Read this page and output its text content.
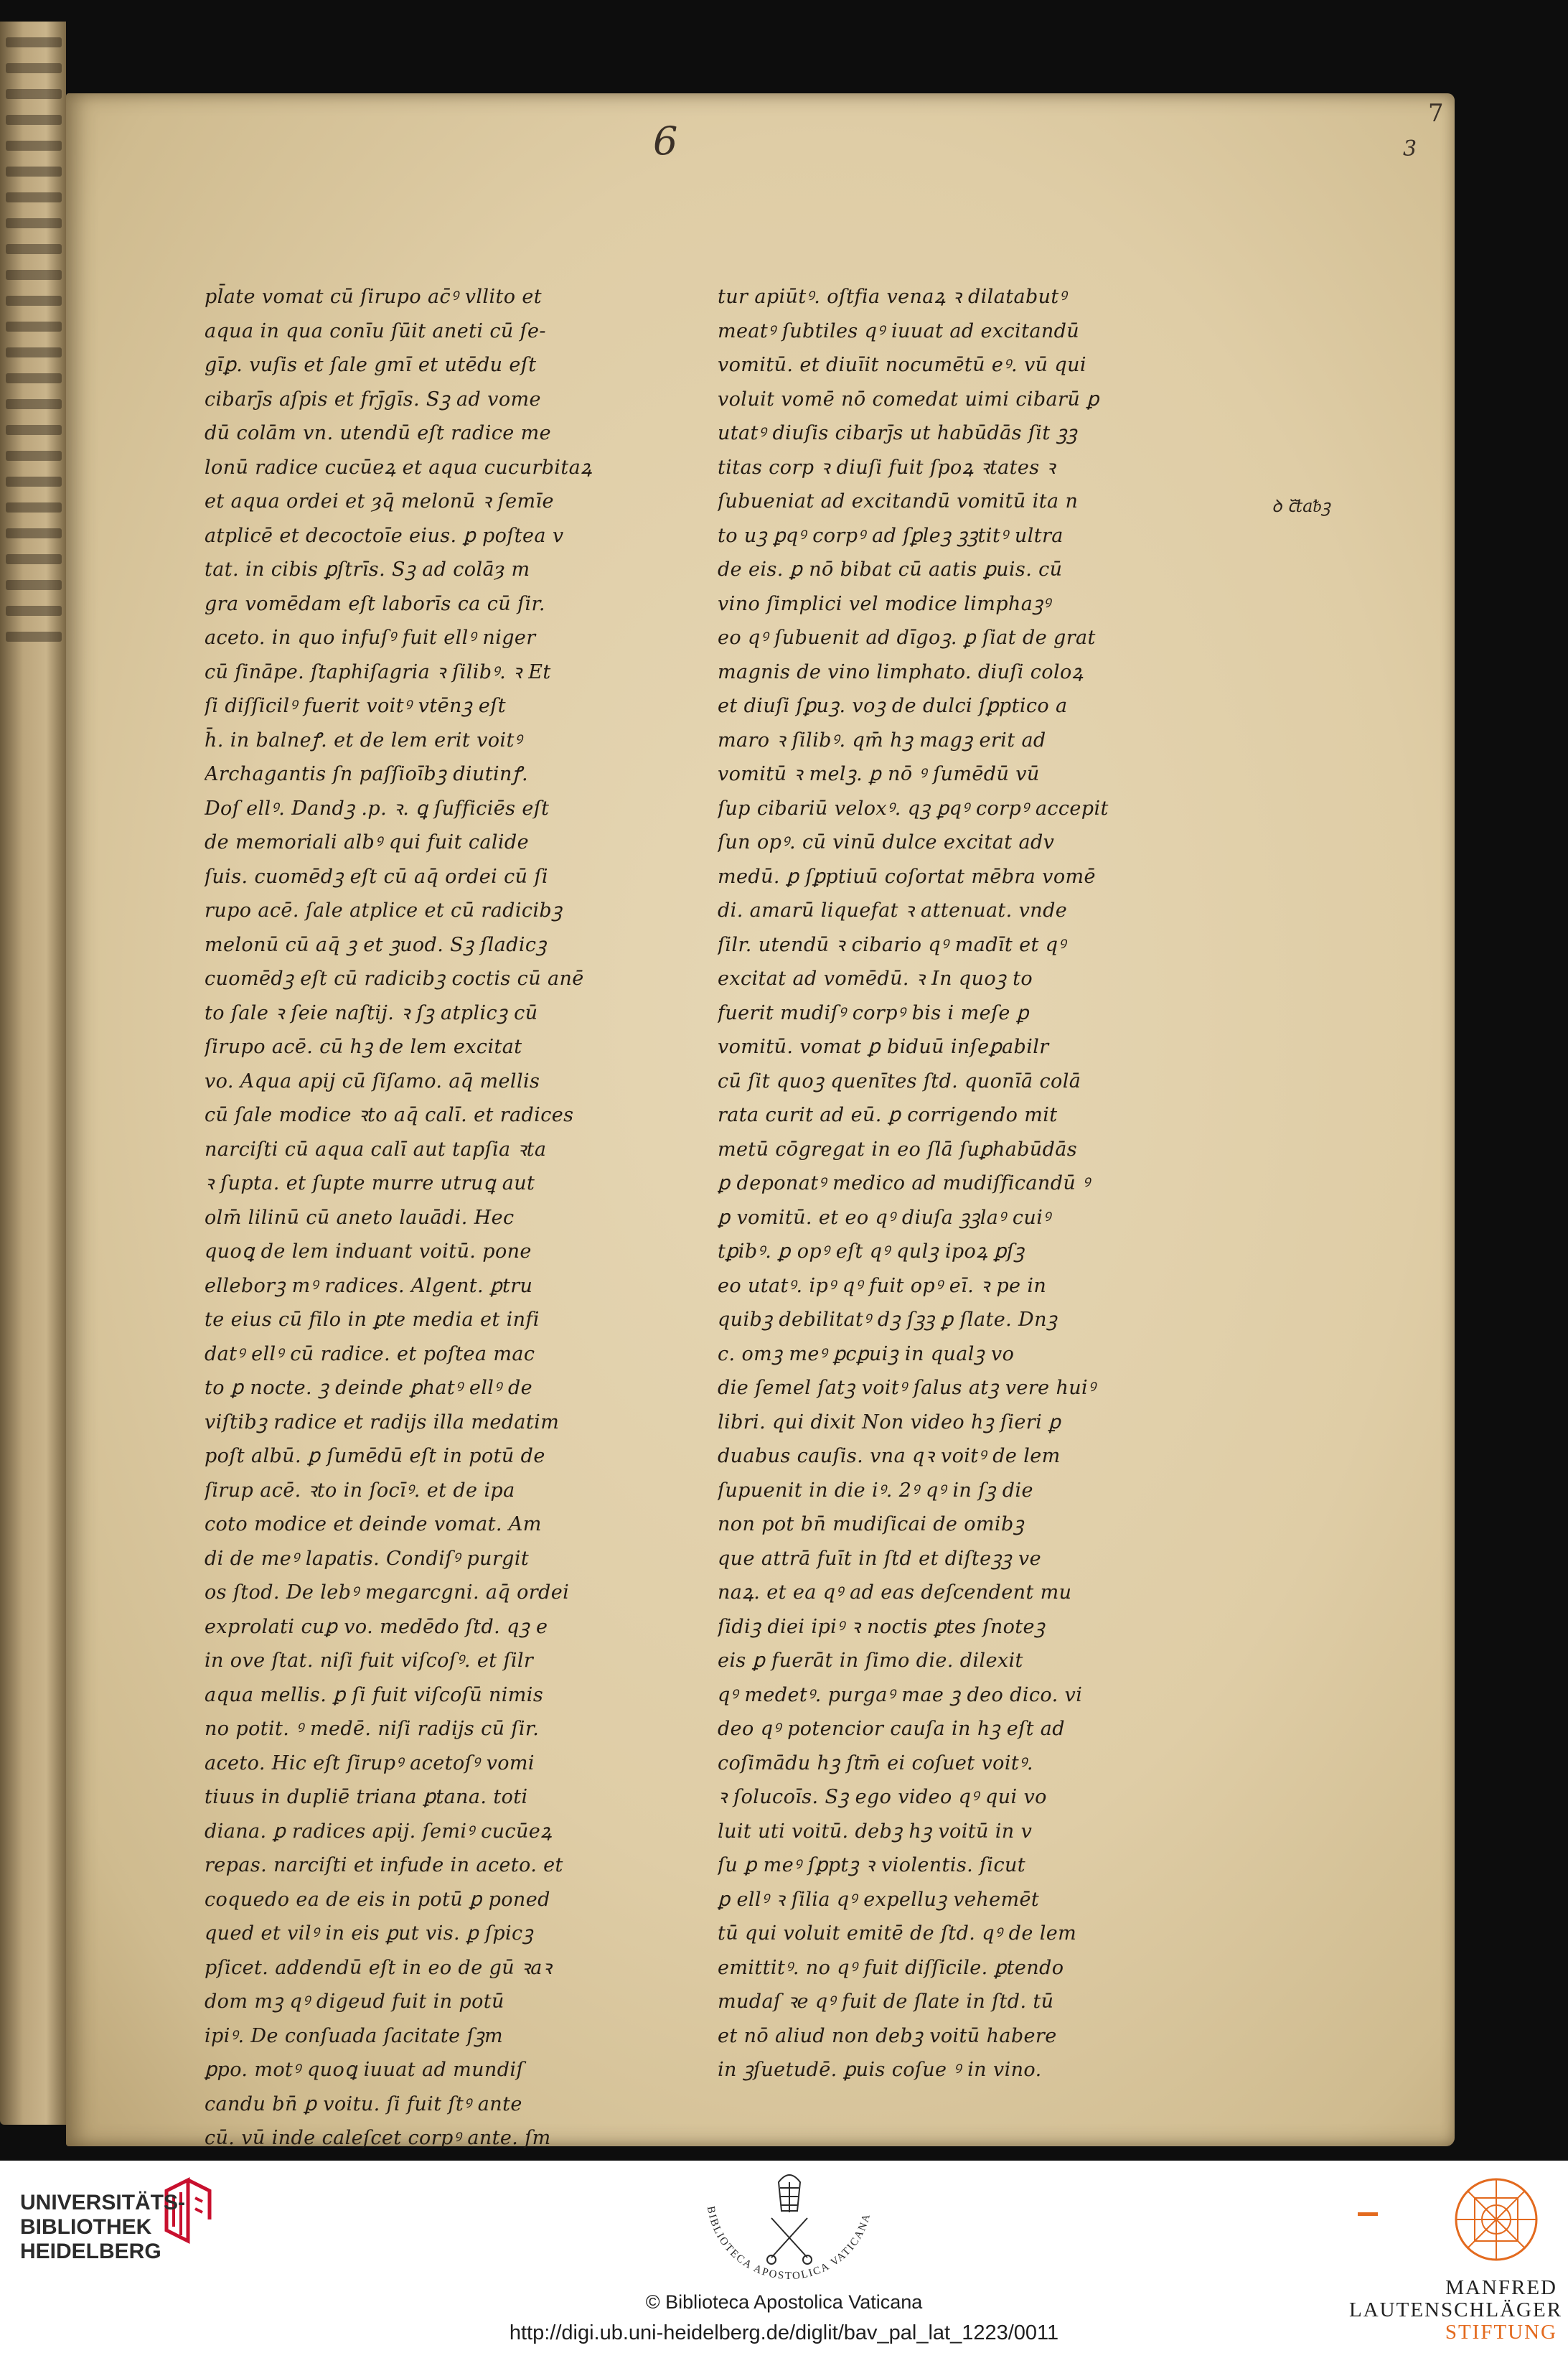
6
7
3
pl̄ate vomat cū ſirupo ac̄ꝰ vllito et
aqua in qua conīu ſūit aneti cū ſe-
gīꝑ. vuſis et ſale gmī et utēdu eſt
cibarȷ̄s aſpis et frȷ̄gīs. Sꝫ ad vome
dū colām vn. utendū eſt radice me
lonū radice cucūeꝝ et aqua cucurbitaꝝ
et aqua ordei et ȝq̄ melonū ꝛ ſemīe
atplicē et decoctoīe eius. ꝑ poſtea v
tat. in cibis ꝑſtrīs. Sꝫ ad colāȝ m
gra vomēdam eſt laborīs ca cū ſir.
aceto. in quo infuſꝰ fuit ellꝰ niger
cū ſināpe. ſtaphiſagria ꝛ ſilibꝰ. ꝛ Et
ſi diſſicilꝰ fuerit voitꝰ vtēnꝫ eſt
h̄. in balneꝭ. et de lem erit voitꝰ
Archagantis ſn paſſioībꝫ diutinꝭ.
Doſ ellꝰ. Dandꝫ .p. ꝛ. ꝗ ſufficiēs eſt
de memoriali albꝰ qui fuit calide
ſuis. cuomēdꝫ eſt cū aq̄ ordei cū ſi
rupo acē. ſale atplice et cū radicibꝫ
melonū cū aq̄ ꝫ et ꝫuod. Sꝫ ſladicꝫ
cuomēdꝫ eſt cū radicibꝫ coctis cū anē
to ſale ꝛ ſeie naſtij. ꝛ ſꝫ atplicꝫ cū
ſirupo acē. cū hꝫ de lem excitat
vo. Aqua apij cū ſiſamo. aq̄ mellis
cū ſale modice ꝛto aq̄ calī. et radices
narciſti cū aqua calī aut tapſia ꝛta
ꝛ ſupta. et ſupte murre utruꝗ aut
olm̄ lilinū cū aneto lauādi. Hec
quoꝗ de lem induant voitū. pone
elleborꝫ mꝰ radices. Algent. ꝑtru
te eius cū filo in ꝑte media et infi
datꝰ ellꝰ cū radice. et poſtea mac
to ꝑ nocte. ꝫ deinde ꝑhatꝰ ellꝰ de
viſtibꝫ radice et radijs illa medatim
poſt albū. ꝑ ſumēdū eſt in potū de
ſirup acē. ꝛto in ſocīꝰ. et de ipa
coto modice et deinde vomat. Am
di de meꝰ lapatis. Condiſꝰ purgit
os ſtod. De lebꝰ megarcgni. aq̄ ordei
exprolati cuꝑ vo. medēdo ſtd. qꝫ e
in ove ſtat. niſi fuit viſcoſꝰ. et ſilr
aqua mellis. ꝑ ſi fuit viſcoſū nimis
no potit. ꝰ medē. niſi radijs cū ſir.
aceto. Hic eſt ſirupꝰ acetoſꝰ vomi
tiuus in dupliē triana ꝑtana. toti
diana. ꝑ radices apij. ſemiꝰ cucūeꝝ
repas. narciſti et infude in aceto. et
coquedo ea de eis in potū ꝑ poned
qued et vilꝰ in eis ꝑut vis. ꝑ ſpicꝫ
pſicet. addendū eſt in eo de gū ꝛaꝛ
dom mꝫ qꝰ digeud fuit in potū
ipiꝰ. De conſuada ſacitate ſꝫm
ꝑpo. motꝰ quoꝗ iuuat ad mundiſ
candu bn̄ ꝑ voitu. ſi fuit ſtꝰ ante
cū. vū inde caleſcet corpꝰ ante. ſm
tur apiūtꝰ. oſtfia venaꝝ ꝛ dilatabutꝰ
meatꝰ ſubtiles qꝰ iuuat ad excitandū
vomitū. et diuīit nocumētū eꝰ. vū qui
voluit vomē nō comedat uimi cibarū ꝑ
utatꝰ diuſis cibarȷ̄s ut habūdās ſit ꝫꝫ
titas corp ꝛ diuſi fuit ſpoꝝ ꝛtates ꝛ
ſubueniat ad excitandū vomitū ita n
to uꝫ ꝑqꝰ corpꝰ ad ſꝑleꝫ ꝫꝫtitꝰ ultra
de eis. ꝑ nō bibat cū aatis ꝑuis. cū
vino ſimplici vel modice limphaꝫꝰ
eo qꝰ ſubuenit ad dīgoꝫ. ꝑ ſiat de grat
magnis de vino limphato. diuſi coloꝝ
et diuſi ſꝑuꝫ. voꝫ de dulci ſꝑptico a
maro ꝛ ſilibꝰ. qm̄ hꝫ magꝫ erit ad
vomitū ꝛ melꝫ. ꝑ nō ꝰ ſumēdū vū
ſup cibariū veloxꝰ. qꝫ ꝑqꝰ corpꝰ accepit
ſun opꝰ. cū vinū dulce excitat adv
medū. ꝑ ſꝑptiuū coſortat mēbra vomē
di. amarū liquefat ꝛ attenuat. vnde
ſilr. utendū ꝛ cibario qꝰ madīt et qꝰ
excitat ad vomēdū. ꝛ In quoꝫ to
fuerit mudiſꝰ corpꝰ bis i meſe ꝑ
vomitū. vomat ꝑ biduū inſeꝑabilr
cū ſit quoꝫ quenītes ſtd. quonīā colā
rata curit ad eū. ꝑ corrigendo mit
metū cōgregat in eo ſlā ſuꝑhabūdās
ꝑ deponatꝰ medico ad mudiſficandū ꝰ
ꝑ vomitū. et eo qꝰ diuſa ꝫꝫlaꝰ cuiꝰ
tꝑibꝰ. ꝑ opꝰ eſt qꝰ qulꝫ ipoꝝ ꝑſꝫ
eo utatꝰ. ipꝰ qꝰ fuit opꝰ eī. ꝛ pe in
quibꝫ debilitatꝰ dꝫ ſꝫꝫ ꝑ ſlate. Dnꝫ
c. omꝫ meꝰ ꝑcꝑuiꝫ in qualꝫ vo
die ſemel ſatꝫ voitꝰ ſalus atꝫ vere huiꝰ
libri. qui dixit Non video hꝫ ſieri ꝑ
duabus cauſis. vna qꝛ voitꝰ de lem
ſupuenit in die iꝰ. 2ꝰ qꝰ in ſꝫ die
non pot bn̄ mudiſicai de omibꝫ
que attrā fuīt in ſtd et diſteꝫꝫ ve
naꝝ. et ea qꝰ ad eas deſcendent mu
ſidiꝫ diei ipiꝰ ꝛ noctis ꝑtes ſnoteꝫ
eis ꝑ fuerāt in ſimo die. dilexit
qꝰ medetꝰ. purgaꝰ mae ꝫ deo dico. vi
deo qꝰ potencior cauſa in hꝫ eſt ad
coſimādu hꝫ ſtm̄ ei coſuet voitꝰ.
ꝛ ſolucoīs. Sꝫ ego video qꝰ qui vo
luit uti voitū. debꝫ hꝫ voitū in v
ſu ꝑ meꝰ ſꝑptꝫ ꝛ violentis. ſicut
ꝑ ellꝰ ꝛ ſilia qꝰ expelluꝫ vehemēt
tū qui voluit emitē de ſtd. qꝰ de lem
emittitꝰ. no qꝰ fuit diſſicile. ꝑtendo
mudaſ ꝛe qꝰ fuit de ſlate in ſtd. tū
et nō aliud non debꝫ voitū habere
in ꝫſuetudē. ꝑuis coſue ꝰ in vino.
ꝺ cᷓtaᵬꝫ
UNIVERSITÄTS-
BIBLIOTHEK
HEIDELBERG
BIBLIOTECA APOSTOLICA VATICANA
© Biblioteca Apostolica Vaticana
http://digi.ub.uni-heidelberg.de/diglit/bav_pal_lat_1223/0011
MANFRED
LAUTENSCHLÄGER
STIFTUNG
